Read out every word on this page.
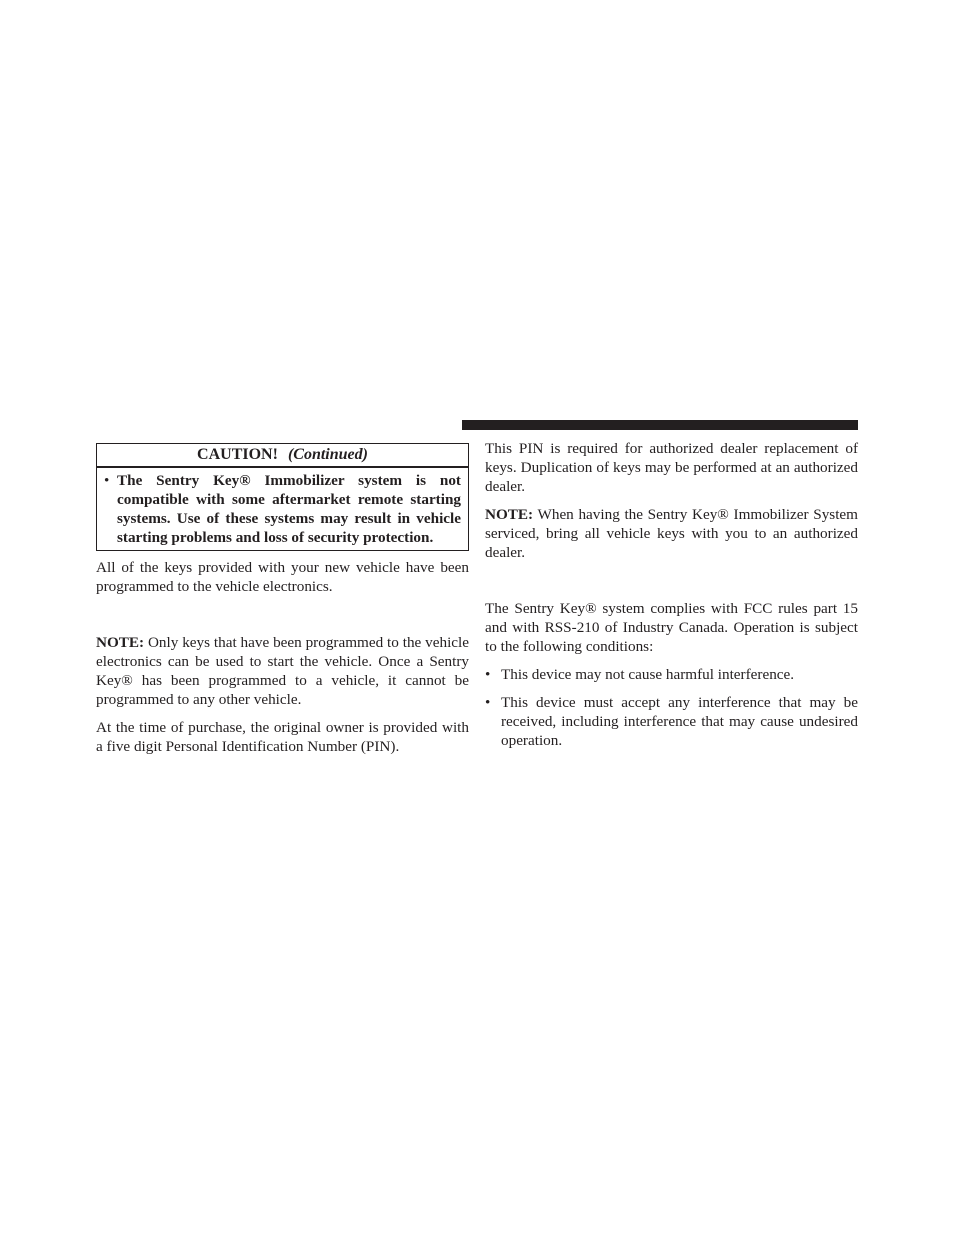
CAUTION! (Continued)
• The Sentry Key® Immobilizer system is not compatible with some aftermarket remote starting systems. Use of these systems may result in vehicle starting problems and loss of security protection.

All of the keys provided with your new vehicle have been programmed to the vehicle electronics.

NOTE: Only keys that have been programmed to the vehicle electronics can be used to start the vehicle. Once a Sentry Key® has been programmed to a vehicle, it cannot be programmed to any other vehicle.

At the time of purchase, the original owner is provided with a five digit Personal Identification Number (PIN).

This PIN is required for authorized dealer replacement of keys. Duplication of keys may be performed at an authorized dealer.

NOTE: When having the Sentry Key® Immobilizer System serviced, bring all vehicle keys with you to an authorized dealer.

The Sentry Key® system complies with FCC rules part 15 and with RSS-210 of Industry Canada. Operation is subject to the following conditions:

• This device may not cause harmful interference.
• This device must accept any interference that may be received, including interference that may cause undesired operation.
